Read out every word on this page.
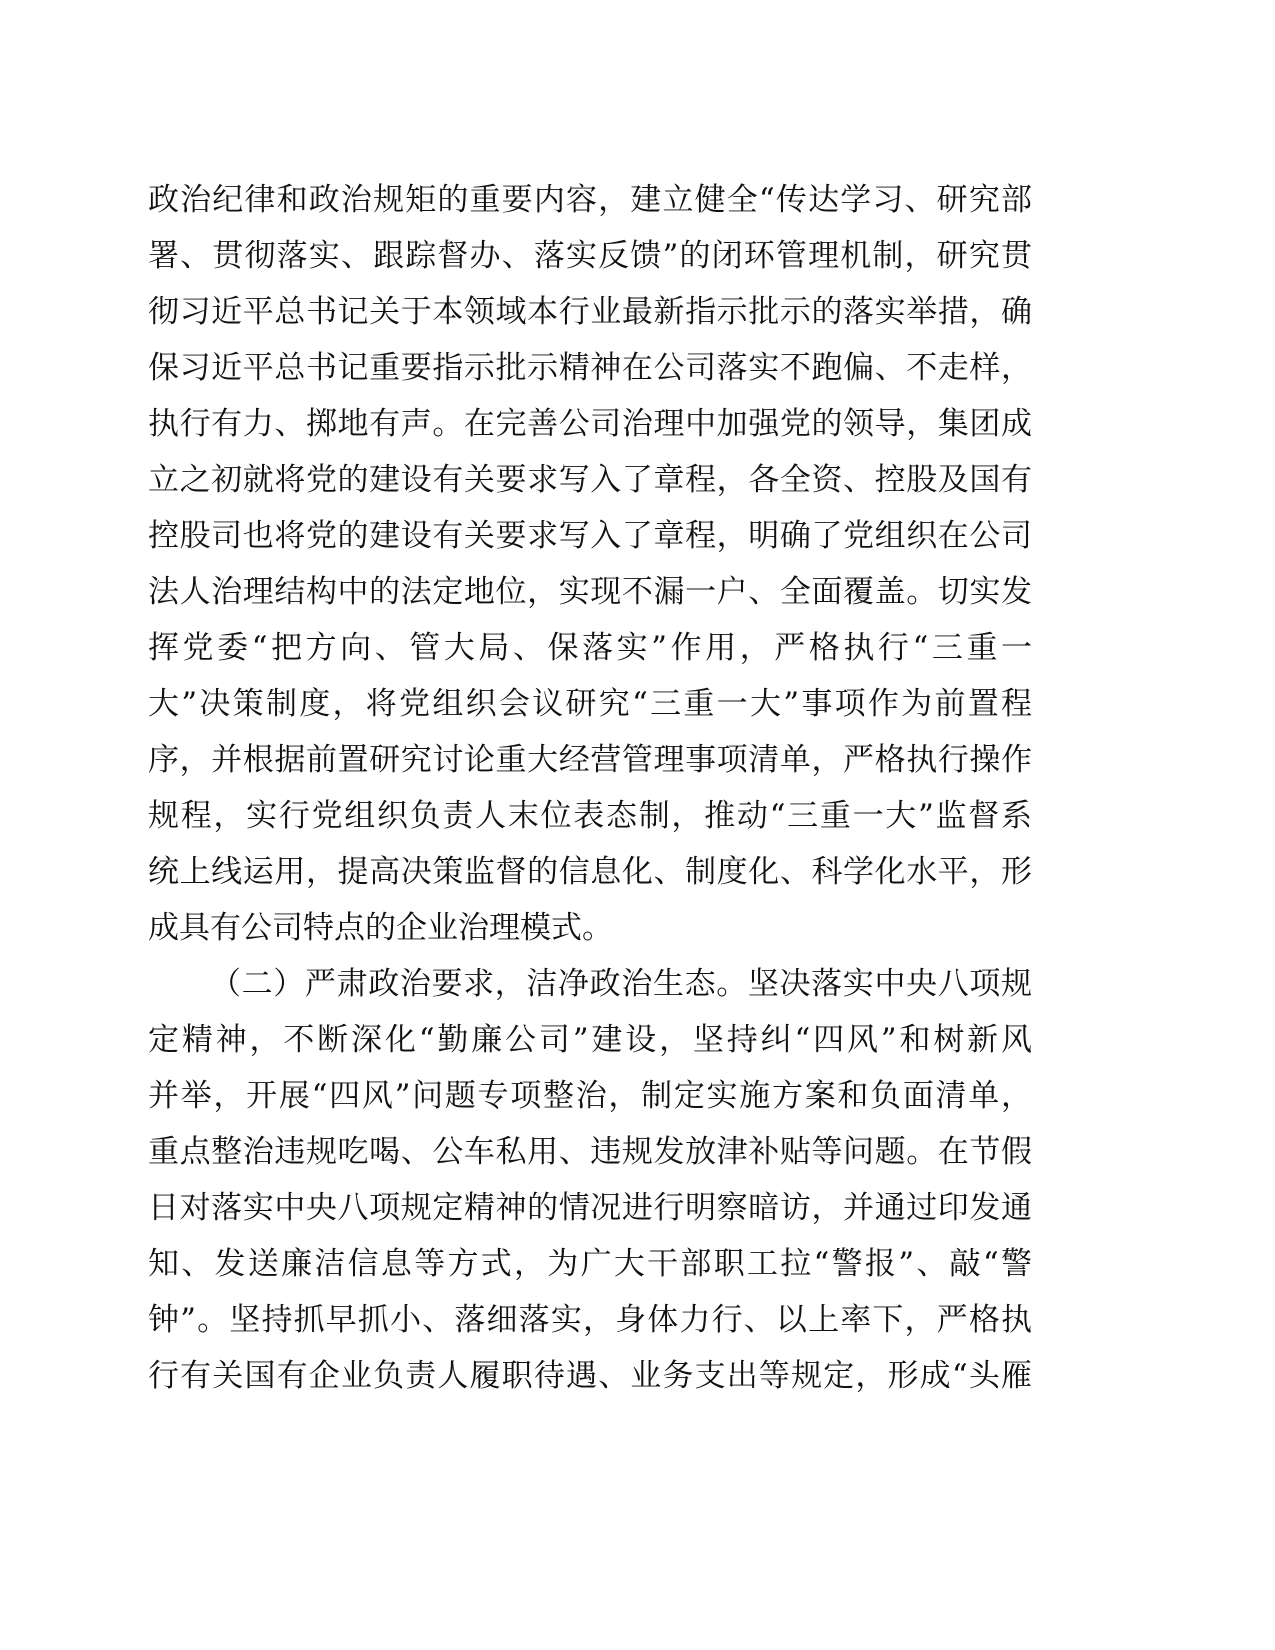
政治纪律和政治规矩的重要内容，建立健全“传达学习、研究部
署、贯彻落实、跟踪督办、落实反馈”的闭环管理机制，研究贯
彻习近平总书记关于本领域本行业最新指示批示的落实举措，确
保习近平总书记重要指示批示精神在公司落实不跑偏、不走样，
执行有力、掷地有声。在完善公司治理中加强党的领导，集团成
立之初就将党的建设有关要求写入了章程，各全资、控股及国有
控股司也将党的建设有关要求写入了章程，明确了党组织在公司
法人治理结构中的法定地位，实现不漏一户、全面覆盖。切实发
挥党委“把方向、管大局、保落实”作用，严格执行“三重一
大”决策制度，将党组织会议研究“三重一大”事项作为前置程
序，并根据前置研究讨论重大经营管理事项清单，严格执行操作
规程，实行党组织负责人末位表态制，推动“三重一大”监督系
统上线运用，提高决策监督的信息化、制度化、科学化水平，形
成具有公司特点的企业治理模式。
（二）严肃政治要求，洁净政治生态。坚决落实中央八项规
定精神，不断深化“勤廉公司”建设，坚持纠“四风”和树新风
并举，开展“四风”问题专项整治，制定实施方案和负面清单，
重点整治违规吃喝、公车私用、违规发放津补贴等问题。在节假
日对落实中央八项规定精神的情况进行明察暗访，并通过印发通
知、发送廉洁信息等方式，为广大干部职工拉“警报”、敲“警
钟”。坚持抓早抓小、落细落实，身体力行、以上率下，严格执
行有关国有企业负责人履职待遇、业务支出等规定，形成“头雁
